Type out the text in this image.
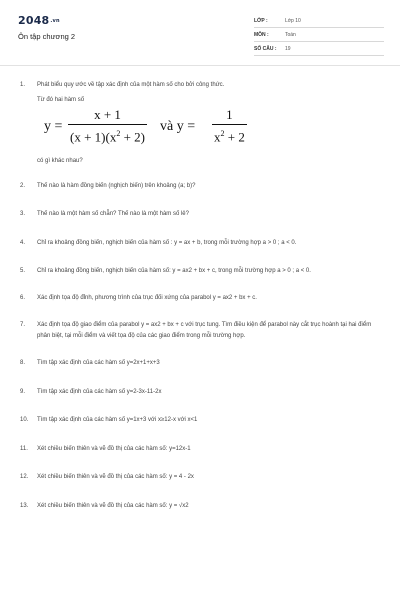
2048.vn
Ôn tập chương 2
LỚP :	Lớp 10
MÔN :	Toán
SỐ CÂU : 19
1. Phát biểu quy ước về tập xác định của một hàm số cho bởi công thức.
Từ đó hai hàm số
y =
x + 1
$(x + 1)(x^2 + 2)$
và y =
1
$x^2 + 2$
có gì khác nhau?
2. Thế nào là hàm đồng biến (nghịch biến) trên khoảng (a; b)?
3. Thế nào là một hàm số chẵn? Thế nào là một hàm số lẻ?
4. Chỉ ra khoảng đồng biến, nghịch biến của hàm số : y = ax + b, trong mỗi trường hợp a > 0 ; a < 0.
5. Chỉ ra khoảng đồng biến, nghịch biến của hàm số: y = ax2 + bx + c, trong mỗi trường hợp a > 0 ; a < 0.
6. Xác định tọa độ đỉnh, phương trình của trục đối xứng của parabol y = ax2 + bx + c.
7. Xác định tọa độ giao điểm của parabol y = ax2 + bx + c với trục tung. Tìm điều kiện để parabol này cắt trục hoành tại hai điểm phân biệt, tại mỗi điểm và viết tọa độ của các giao điểm trong mỗi trường hợp.
8. Tìm tập xác định của các hàm số y=2x+1+x+3
9. Tìm tập xác định của các hàm số y=2-3x-11-2x
10. Tìm tập xác định của các hàm số y=1x+3 với x≥12-x với x<1
11. Xét chiều biến thiên và vẽ đồ thị của các hàm số: y=12x-1
12. Xét chiều biến thiên và vẽ đồ thị của các hàm số: y = 4 - 2x
13. Xét chiều biến thiên và vẽ đồ thị của các hàm số: y = √x2
